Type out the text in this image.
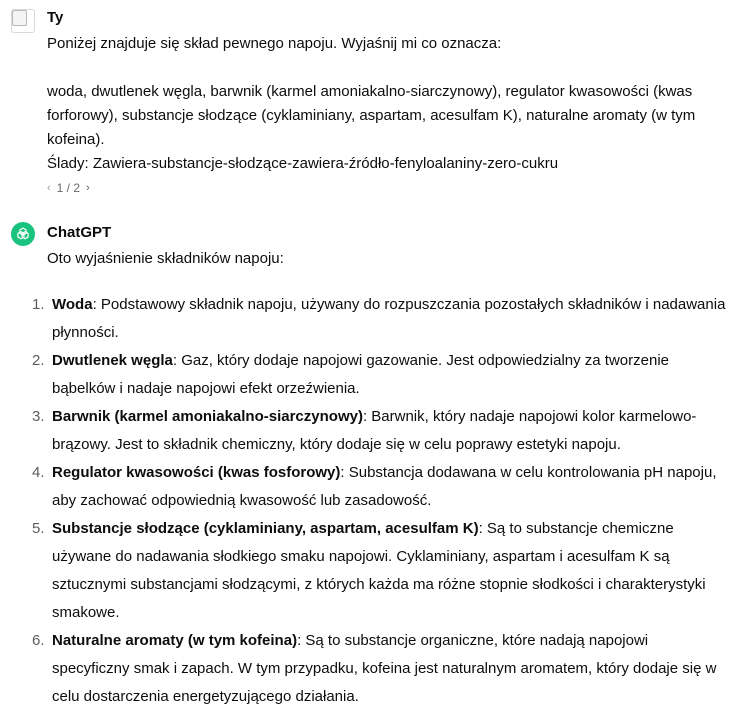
Ty

Poniżej znajduje się skład pewnego napoju. Wyjaśnij mi co oznacza:

woda, dwutlenek węgla, barwnik (karmel amoniakalno-siarczynowy), regulator kwasowości (kwas forforowy), substancje słodzące (cyklaminiany, aspartam, acesulfam K), naturalne aromaty (w tym kofeina).

Ślady: Zawiera-substancje-słodzące-zawiera-źródło-fenyloalaniny-zero-cukru

‹ 1 / 2 ›
ChatGPT

Oto wyjaśnienie składników napoju:

1. Woda: Podstawowy składnik napoju, używany do rozpuszczania pozostałych składników i nadawania płynności.
2. Dwutlenek węgla: Gaz, który dodaje napojowi gazowanie. Jest odpowiedzialny za tworzenie bąbelków i nadaje napojowi efekt orzeźwienia.
3. Barwnik (karmel amoniakalno-siarczynowy): Barwnik, który nadaje napojowi kolor karmelowo-brązowy. Jest to składnik chemiczny, który dodaje się w celu poprawy estetyki napoju.
4. Regulator kwasowości (kwas fosforowy): Substancja dodawana w celu kontrolowania pH napoju, aby zachować odpowiednią kwasowość lub zasadowość.
5. Substancje słodzące (cyklaminiany, aspartam, acesulfam K): Są to substancje chemiczne używane do nadawania słodkiego smaku napojowi. Cyklaminiany, aspartam i acesulfam K są sztucznymi substancjami słodzącymi, z których każda ma różne stopnie słodkości i charakterystyki smakowe.
6. Naturalne aromaty (w tym kofeina): Są to substancje organiczne, które nadają napojowi specyficzny smak i zapach. W tym przypadku, kofeina jest naturalnym aromatem, który dodaje się w celu dostarczenia energetyzującego działania.
